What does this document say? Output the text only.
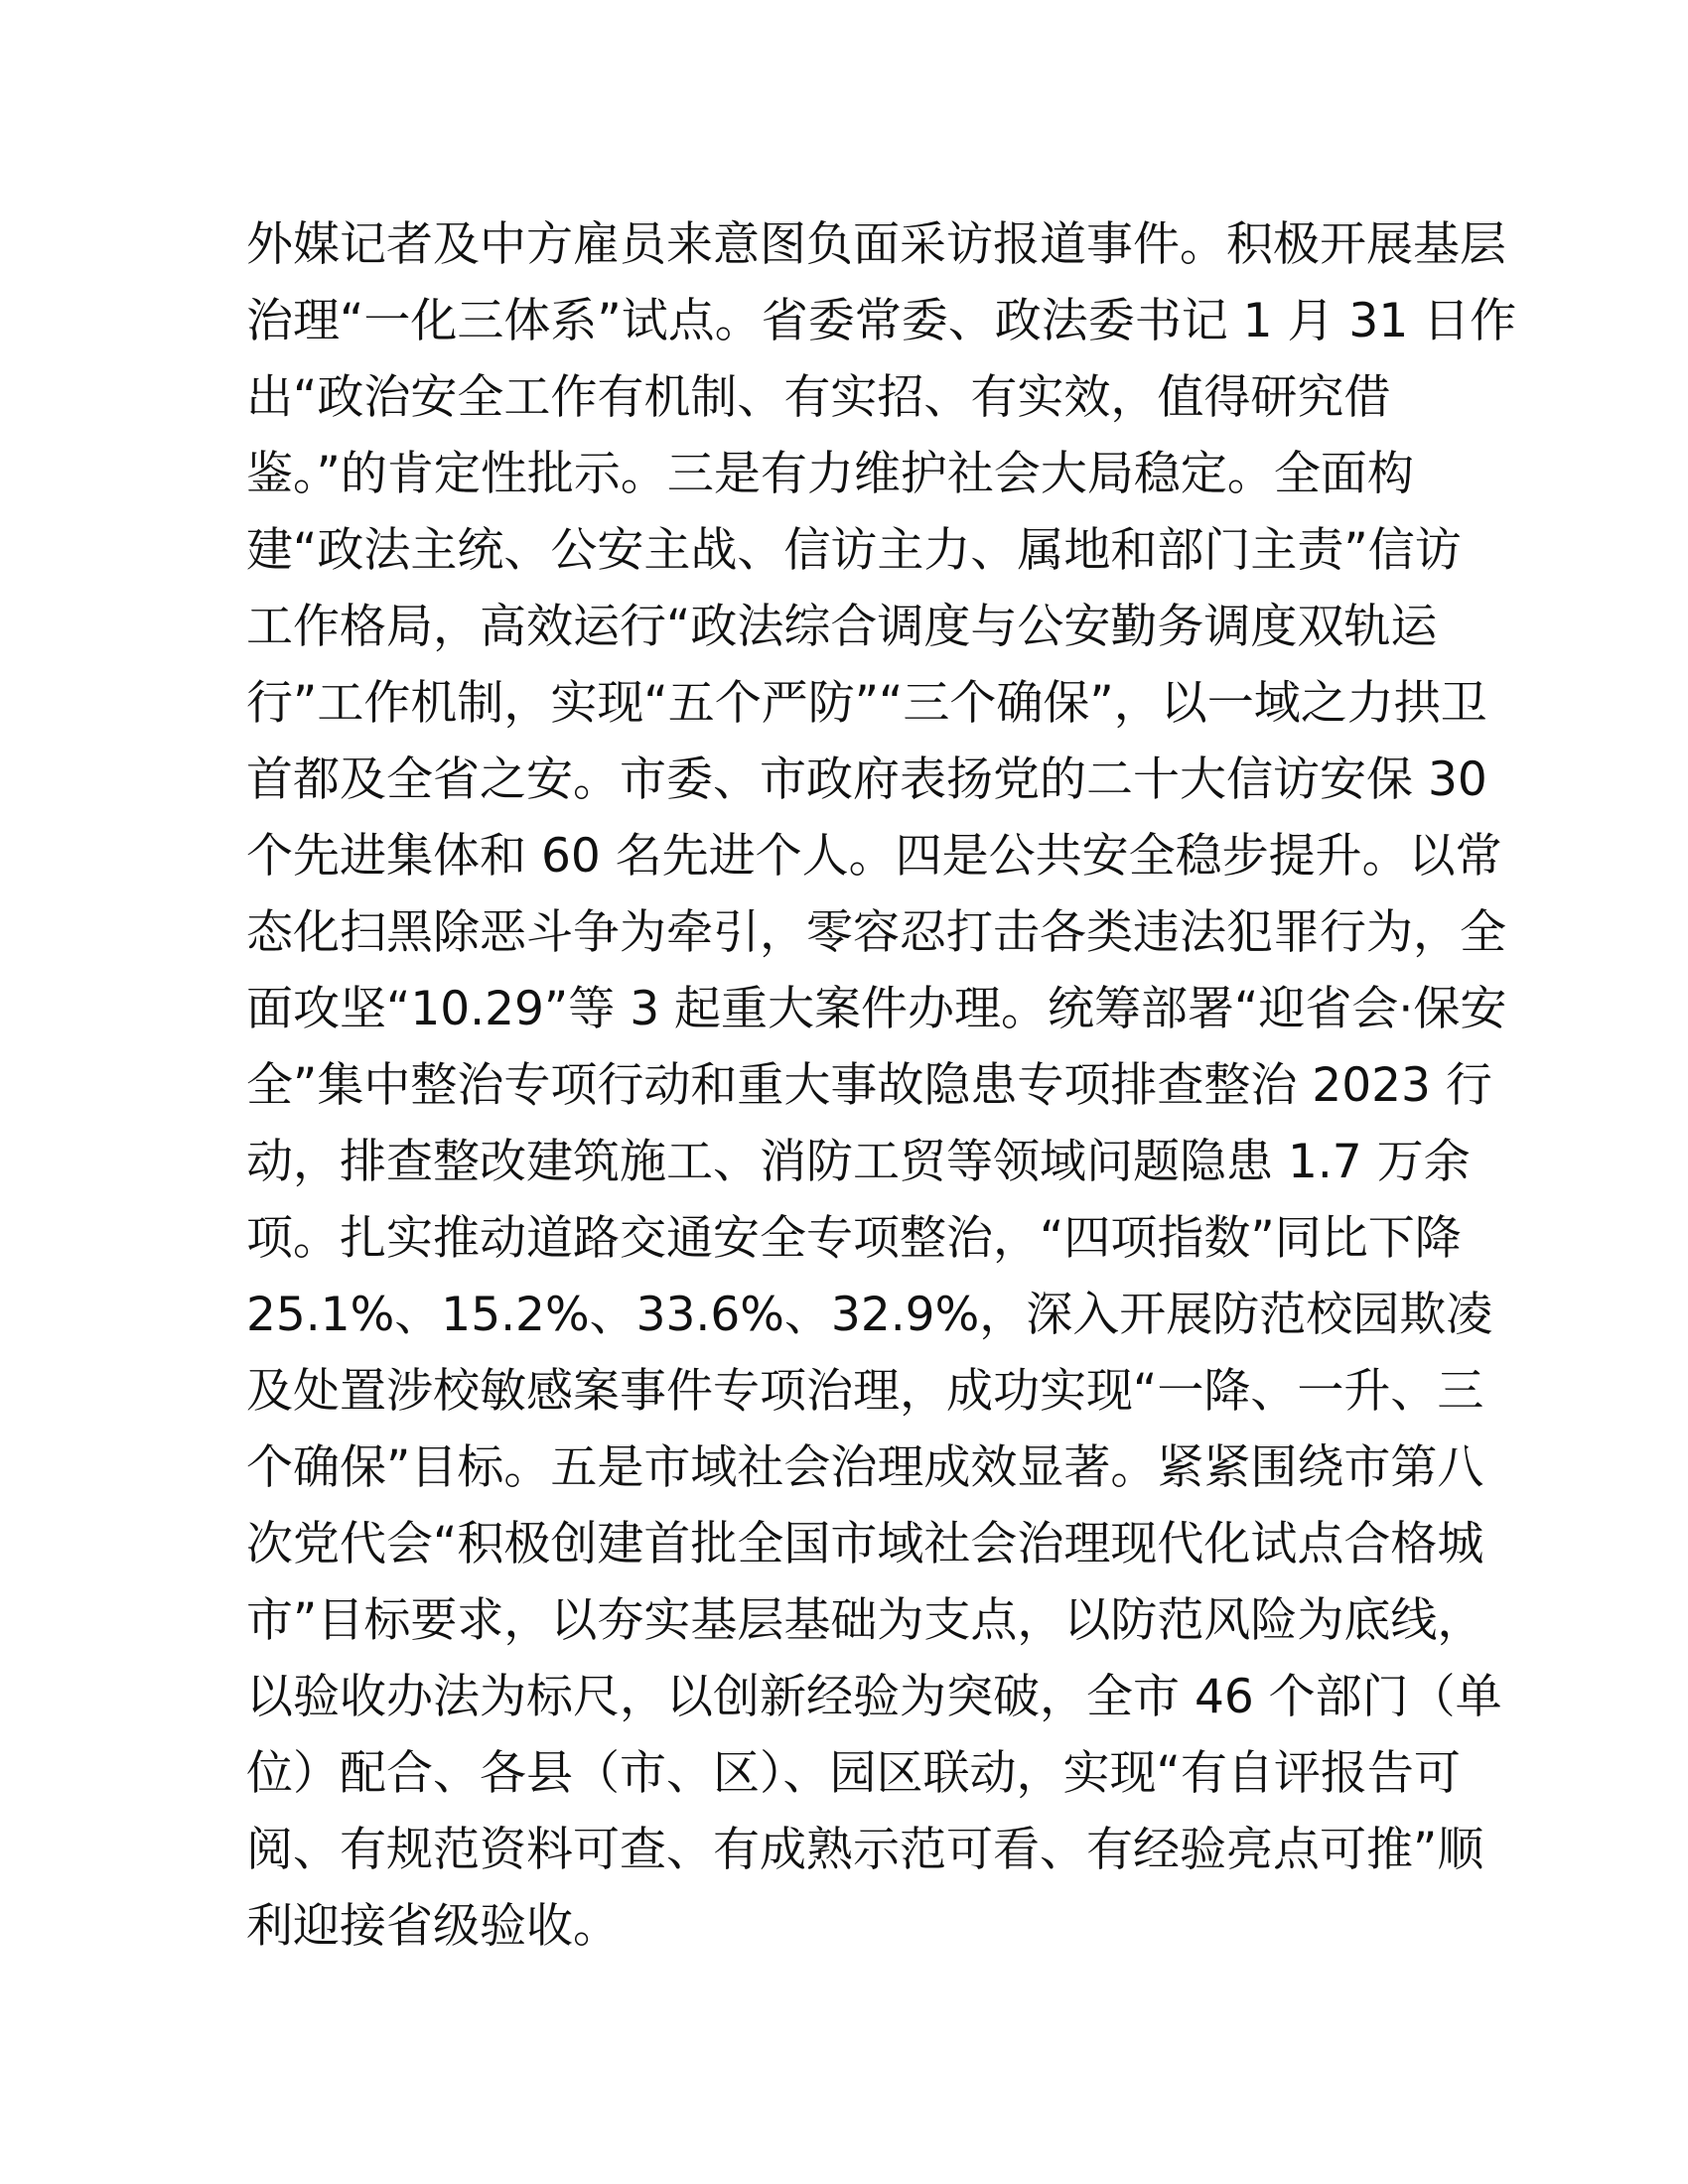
外媒记者及中方雇员来意图负面采访报道事件。积极开展基层
治理“一化三体系”试点。省委常委、政法委书记 1 月 31 日作
出“政治安全工作有机制、有实招、有实效，值得研究借
鉴。”的肯定性批示。三是有力维护社会大局稳定。全面构
建“政法主统、公安主战、信访主力、属地和部门主责”信访
工作格局，高效运行“政法综合调度与公安勤务调度双轨运
行”工作机制，实现“五个严防”“三个确保”，以一域之力拱卫
首都及全省之安。市委、市政府表扬党的二十大信访安保 30
个先进集体和 60 名先进个人。四是公共安全稳步提升。以常
态化扫黑除恶斗争为牵引，零容忍打击各类违法犯罪行为，全
面攻坚“10.29”等 3 起重大案件办理。统筹部署“迎省会·保安
全”集中整治专项行动和重大事故隐患专项排查整治 2023 行
动，排查整改建筑施工、消防工贸等领域问题隐患 1.7 万余
项。扎实推动道路交通安全专项整治，“四项指数”同比下降
25.1%、15.2%、33.6%、32.9%，深入开展防范校园欺凌
及处置涉校敏感案事件专项治理，成功实现“一降、一升、三
个确保”目标。五是市域社会治理成效显著。紧紧围绕市第八
次党代会“积极创建首批全国市域社会治理现代化试点合格城
市”目标要求，以夯实基层基础为支点，以防范风险为底线，
以验收办法为标尺，以创新经验为突破，全市 46 个部门（单
位）配合、各县（市、区）、园区联动，实现“有自评报告可
阅、有规范资料可查、有成熟示范可看、有经验亮点可推”顺
利迎接省级验收。
